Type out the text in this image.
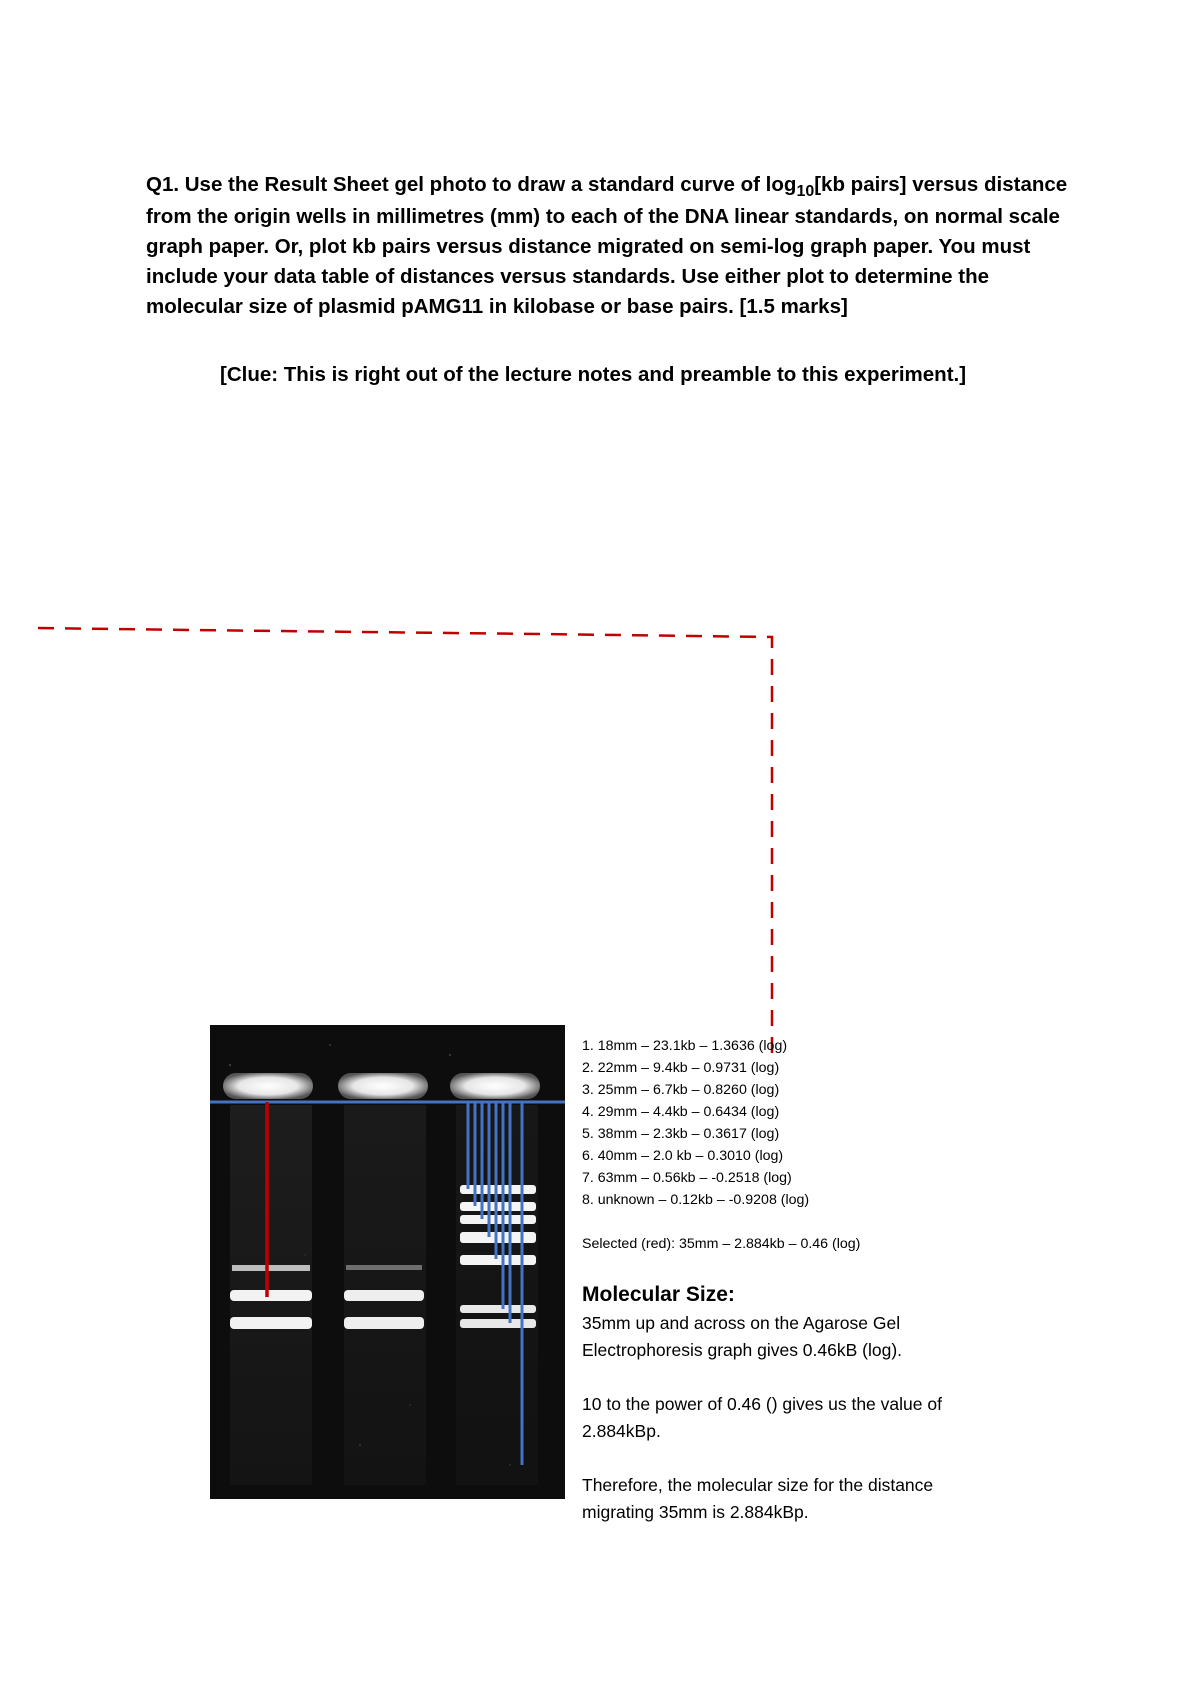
Q1. Use the Result Sheet gel photo to draw a standard curve of $\log_{10}[kb$ pairs] versus distance from the origin wells in millimetres (mm) to each of the DNA linear standards, on normal scale graph paper. Or, plot kb pairs versus distance migrated on semi-log graph paper. You must include your data table of distances versus standards. Use either plot to determine the molecular size of plasmid pAMG11 in kilobase or base pairs. [1.5 marks]
[Clue: This is right out of the lecture notes and preamble to this experiment.]
1. 18mm – 23.1kb – 1.3636 (log)
2. 22mm – 9.4kb – 0.9731 (log)
3. 25mm – 6.7kb – 0.8260 (log)
4. 29mm – 4.4kb – 0.6434 (log)
5. 38mm – 2.3kb – 0.3617 (log)
6. 40mm – 2.0 kb – 0.3010 (log)
7. 63mm – 0.56kb – -0.2518 (log)
8. unknown – 0.12kb – -0.9208 (log)
Selected (red): 35mm – 2.884kb – 0.46 (log)
Molecular Size:

35mm up and across on the Agarose Gel Electrophoresis graph gives 0.46kB (log).

10 to the power of 0.46 () gives us the value of 2.884kBp.

Therefore, the molecular size for the distance migrating 35mm is 2.884kBp.
